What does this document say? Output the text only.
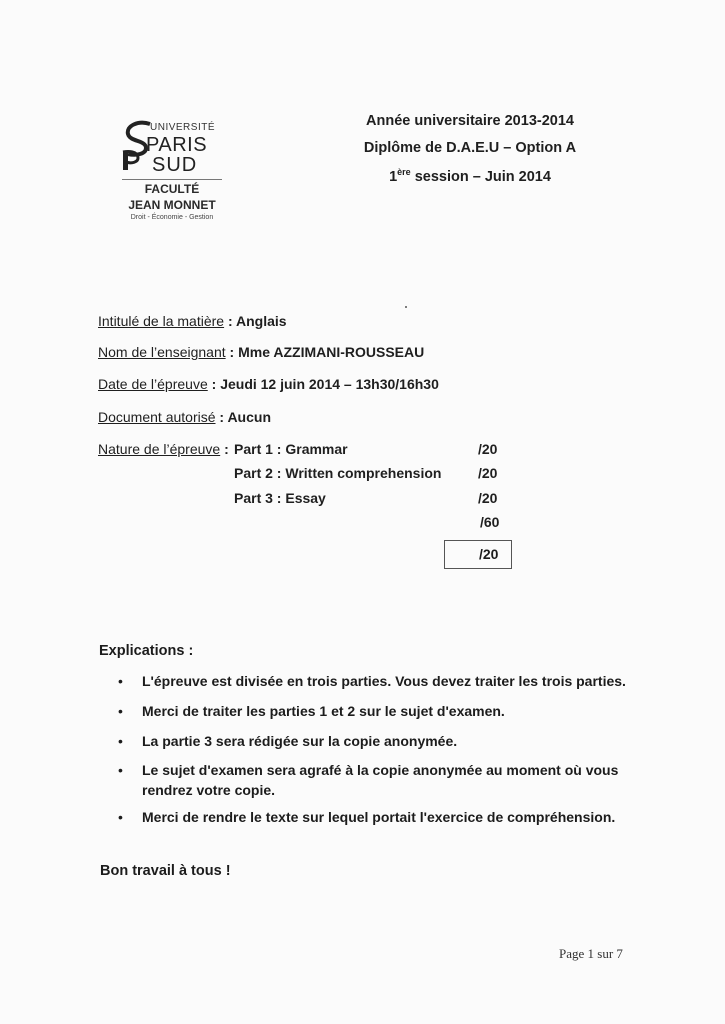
UNIVERSITÉ
PARIS
SUD
FACULTÉ
JEAN MONNET
Droit - Économie - Gestion
Année universitaire 2013-2014
Diplôme de D.A.E.U – Option A
1ère session – Juin 2014
Intitulé de la matière : Anglais
Nom de l’enseignant : Mme AZZIMANI-ROUSSEAU
Date de l’épreuve : Jeudi 12 juin 2014 – 13h30/16h30
Document autorisé : Aucun
Nature de l’épreuve : Part 1 : Grammar	/20
Part 2 : Written comprehension	/20
Part 3 : Essay	/20
/60
/20
Explications :
• L'épreuve est divisée en trois parties. Vous devez traiter les trois parties.
• Merci de traiter les parties 1 et 2 sur le sujet d'examen.
• La partie 3 sera rédigée sur la copie anonymée.
• Le sujet d'examen sera agrafé à la copie anonymée au moment où vous rendrez votre copie.
• Merci de rendre le texte sur lequel portait l'exercice de compréhension.
Bon travail à tous !
Page 1 sur 7
